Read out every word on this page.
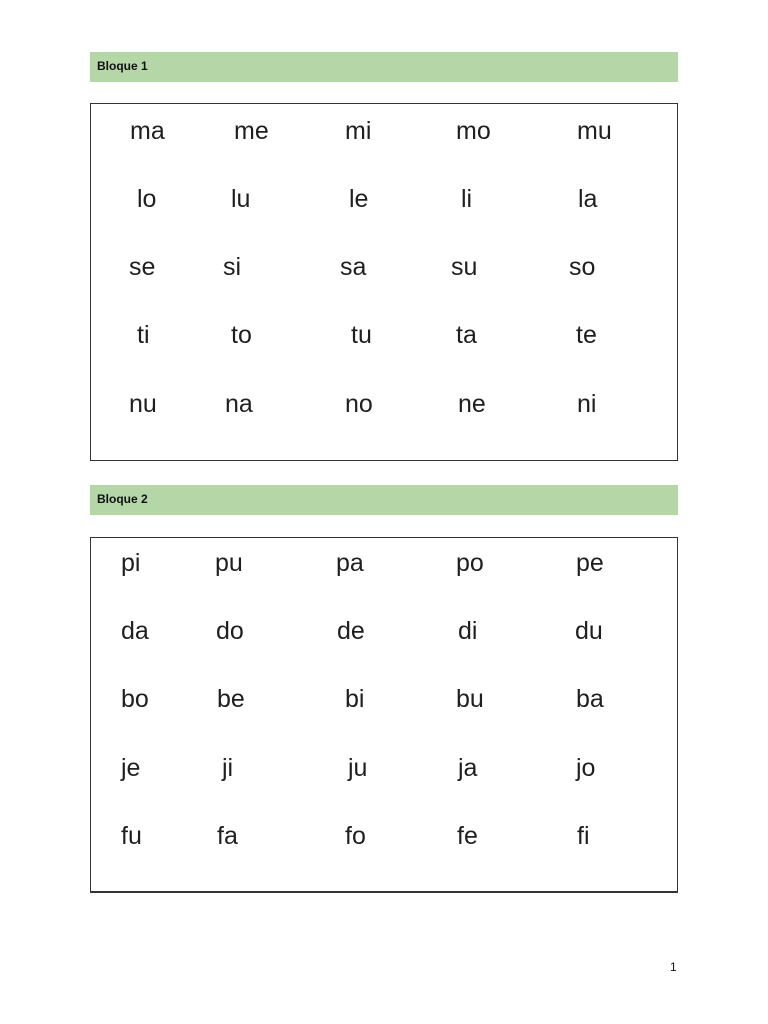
Bloque 1
ma	me	mi	mo	mu
lo	lu	le	li	la
se	si	sa	su	so
ti	to	tu	ta	te
nu	na	no	ne	ni
Bloque 2
pi	pu	pa	po	pe
da	do	de	di	du
bo	be	bi	bu	ba
je	ji	ju	ja	jo
fu	fa	fo	fe	fi
1
